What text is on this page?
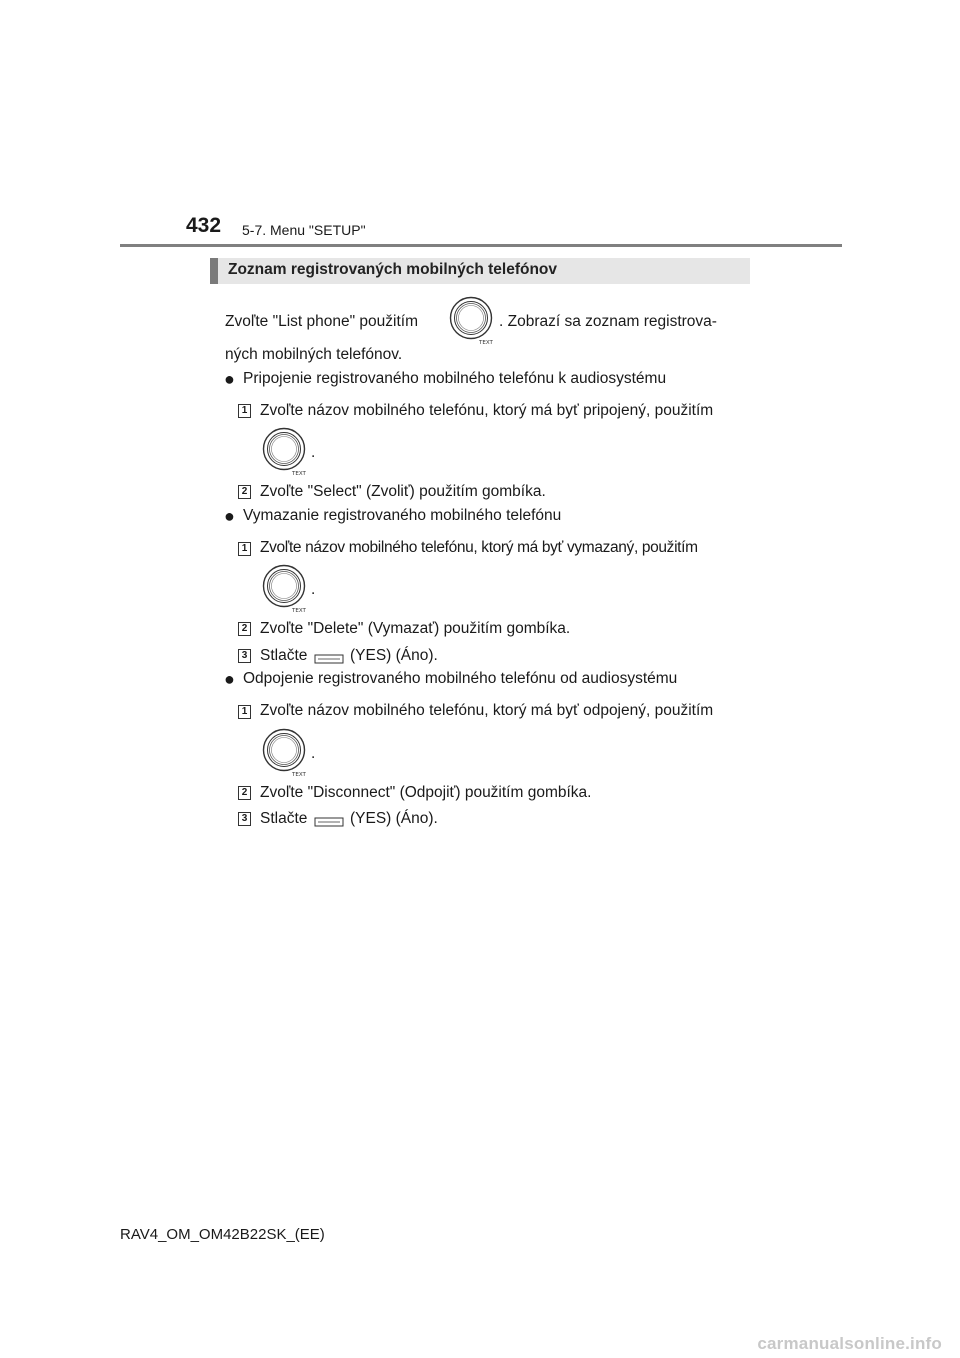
432 5-7. Menu "SETUP"
Zoznam registrovaných mobilných telefónov
Zvoľte "List phone" použitím
TEXT
. Zobrazí sa zoznam registrova-
ných mobilných telefónov.
● Pripojenie registrovaného mobilného telefónu k audiosystému
1 Zvoľte názov mobilného telefónu, ktorý má byť pripojený, použitím
TEXT
.
2 Zvoľte "Select" (Zvoliť) použitím gombíka.
● Vymazanie registrovaného mobilného telefónu
1 Zvoľte názov mobilného telefónu, ktorý má byť vymazaný, použitím
TEXT
.
2 Zvoľte "Delete" (Vymazať) použitím gombíka.
3 Stlačte	(YES) (Áno).
● Odpojenie registrovaného mobilného telefónu od audiosystému
1 Zvoľte názov mobilného telefónu, ktorý má byť odpojený, použitím
TEXT
.
2 Zvoľte "Disconnect" (Odpojiť) použitím gombíka.
3 Stlačte	(YES) (Áno).
RAV4_OM_OM42B22SK_(EE)
carmanualsonline.info
